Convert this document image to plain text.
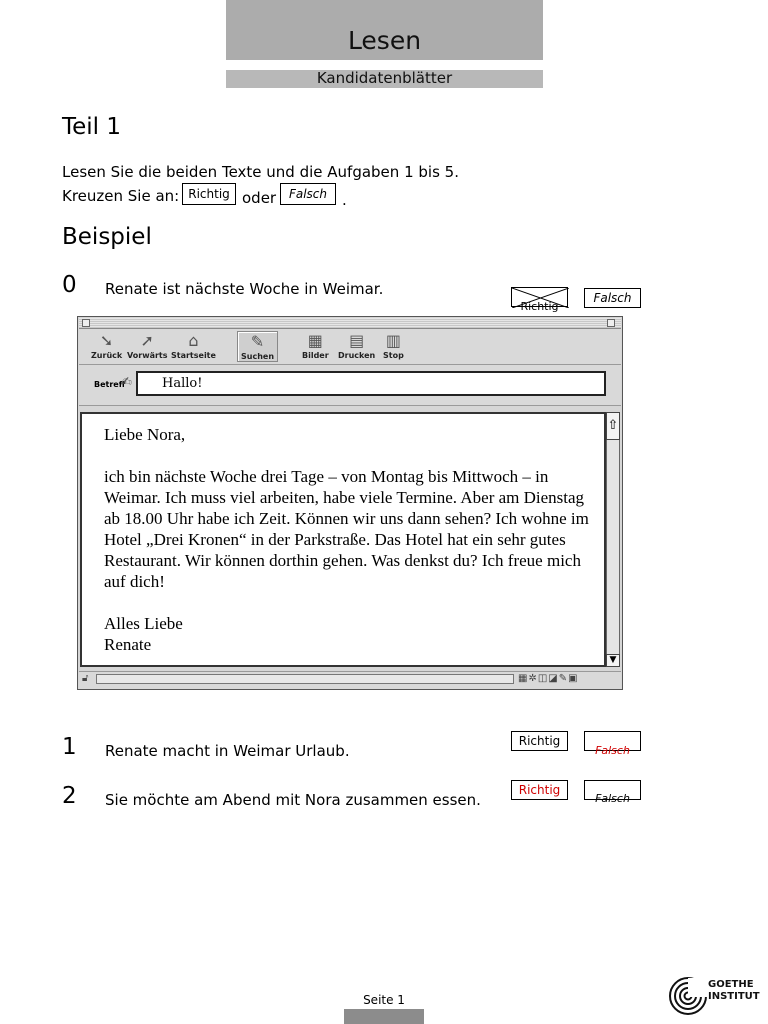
Lesen
Kandidatenblätter
Teil 1
Lesen Sie die beiden Texte und die Aufgaben 1 bis 5.
Kreuzen Sie an: Richtig oder	Falsch .
Beispiel
0 Renate ist nächste Woche in Weimar.
Richtig
Falsch
➘
Zurück
➚
Vorwärts
⌂
Startseite
✎
Suchen
▦
Bilder
▤
Drucken
▥
Stop
Betreff
✍	Hallo!

Liebe Nora,

ich bin nächste Woche drei Tage – von Montag bis Mittwoch – in Weimar. Ich muss viel arbeiten, habe viele Termine. Aber am Dienstag ab 18.00 Uhr habe ich Zeit. Können wir uns dann sehen? Ich wohne im Hotel „Drei Kronen“ in der Parkstraße. Das Hotel hat ein sehr gutes Restaurant. Wir können dorthin gehen. Was denkst du? Ich freue mich auf dich!

Alles Liebe

Renate

⇧
▼
🔓︎	▦✲◫◪✎▣
1 Renate macht in Weimar Urlaub.
Richtig
Falsch
2 Sie möchte am Abend mit Nora zusammen essen.
Richtig
Falsch
Seite 1
GOETHE
INSTITUT
